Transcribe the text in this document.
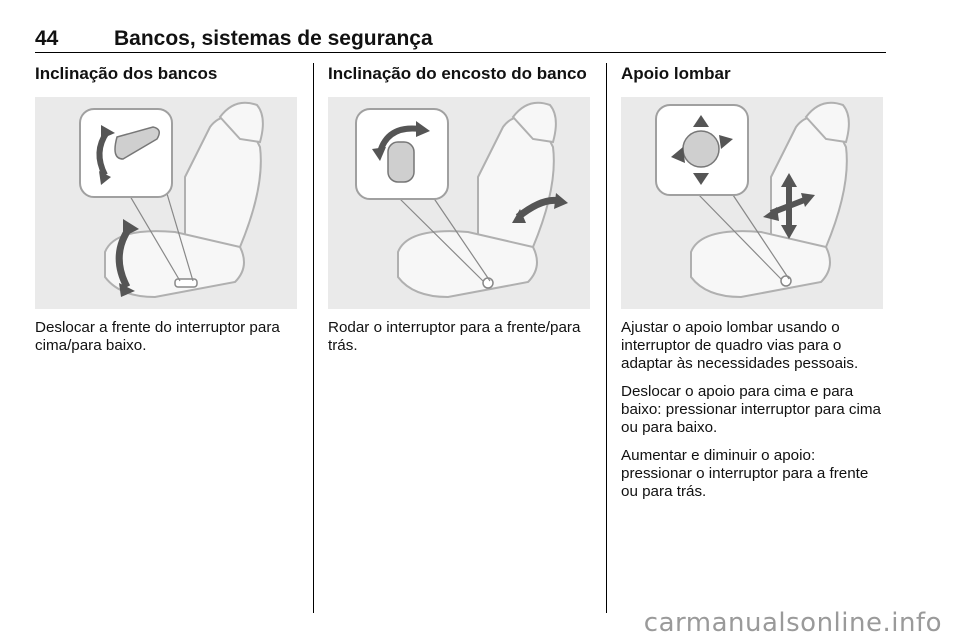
44	Bancos, sistemas de segurança
Inclinação dos bancos

Deslocar a frente do interruptor para cima/para baixo.

Inclinação do encosto do banco

Rodar o interruptor para a frente/para trás.

Apoio lombar

Ajustar o apoio lombar usando o interruptor de quadro vias para o adaptar às necessidades pessoais.

Deslocar o apoio para cima e para baixo: pressionar interruptor para cima ou para baixo.

Aumentar e diminuir o apoio: pressionar o interruptor para a frente ou para trás.

carmanualsonline.info
